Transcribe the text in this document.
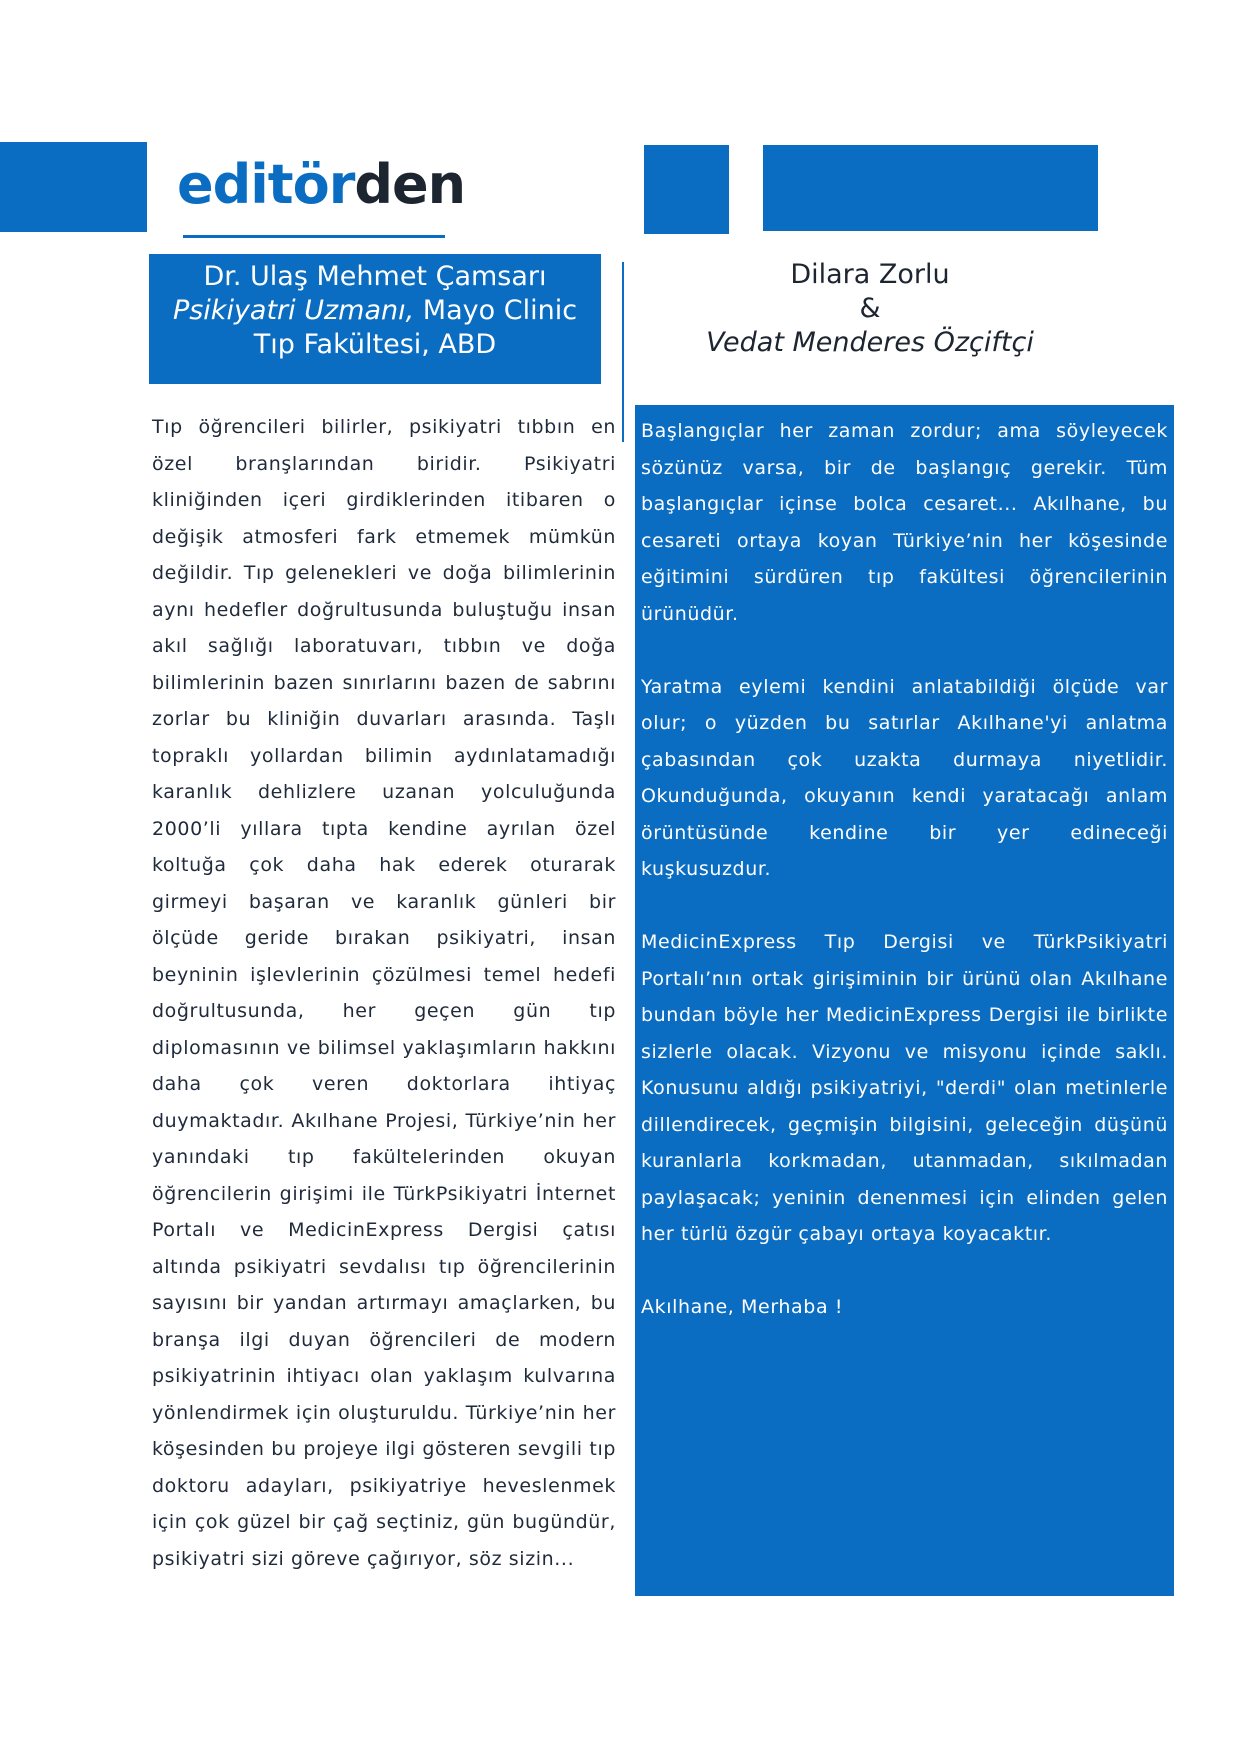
editörden
Dr. Ulaş Mehmet Çamsarı
Psikiyatri Uzmanı, Mayo Clinic
Tıp Fakültesi, ABD
Dilara Zorlu
&
Vedat Menderes Özçiftçi
Tıp öğrencileri bilirler, psikiyatri tıbbın en özel branşlarından biridir. Psikiyatri kliniğinden içeri girdiklerinden itibaren o değişik atmosferi fark etmemek mümkün değildir. Tıp gelenekleri ve doğa bilimlerinin aynı hedefler doğrultusunda buluştuğu insan akıl sağlığı laboratuvarı, tıbbın ve doğa bilimlerinin bazen sınırlarını bazen de sabrını zorlar bu kliniğin duvarları arasında. Taşlı topraklı yollardan bilimin aydınlatamadığı karanlık dehlizlere uzanan yolculuğunda 2000’li yıllara tıpta kendine ayrılan özel koltuğa çok daha hak ederek oturarak girmeyi başaran ve karanlık günleri bir ölçüde geride bırakan psikiyatri, insan beyninin işlevlerinin çözülmesi temel hedefi doğrultusunda, her geçen gün tıp diplomasının ve bilimsel yaklaşımların hakkını daha çok veren doktorlara ihtiyaç duymaktadır. Akılhane Projesi, Türkiye’nin her yanındaki tıp fakültelerinden okuyan öğrencilerin girişimi ile TürkPsikiyatri İnternet Portalı ve MedicinExpress Dergisi çatısı altında psikiyatri sevdalısı tıp öğrencilerinin sayısını bir yandan artırmayı amaçlarken, bu branşa ilgi duyan öğrencileri de modern psikiyatrinin ihtiyacı olan yaklaşım kulvarına yönlendirmek için oluşturuldu. Türkiye’nin her köşesinden bu projeye ilgi gösteren sevgili tıp doktoru adayları, psikiyatriye heveslenmek için çok güzel bir çağ seçtiniz, gün bugündür, psikiyatri sizi göreve çağırıyor, söz sizin...

Başlangıçlar her zaman zordur; ama söyleyecek sözünüz varsa, bir de başlangıç gerekir. Tüm başlangıçlar içinse bolca cesaret... Akılhane, bu cesareti ortaya koyan Türkiye’nin her köşesinde eğitimini sürdüren tıp fakültesi öğrencilerinin ürünüdür.

Yaratma eylemi kendini anlatabildiği ölçüde var olur; o yüzden bu satırlar Akılhane'yi anlatma çabasından çok uzakta durmaya niyetlidir. Okunduğunda, okuyanın kendi yaratacağı anlam örüntüsünde kendine bir yer edineceği kuşkusuzdur.

MedicinExpress Tıp Dergisi ve TürkPsikiyatri Portalı’nın ortak girişiminin bir ürünü olan Akılhane bundan böyle her MedicinExpress Dergisi ile birlikte sizlerle olacak. Vizyonu ve misyonu içinde saklı. Konusunu aldığı psikiyatriyi, "derdi" olan metinlerle dillendirecek, geçmişin bilgisini, geleceğin düşünü kuranlarla korkmadan, utanmadan, sıkılmadan paylaşacak; yeninin denenmesi için elinden gelen her türlü özgür çabayı ortaya koyacaktır.

Akılhane, Merhaba !
